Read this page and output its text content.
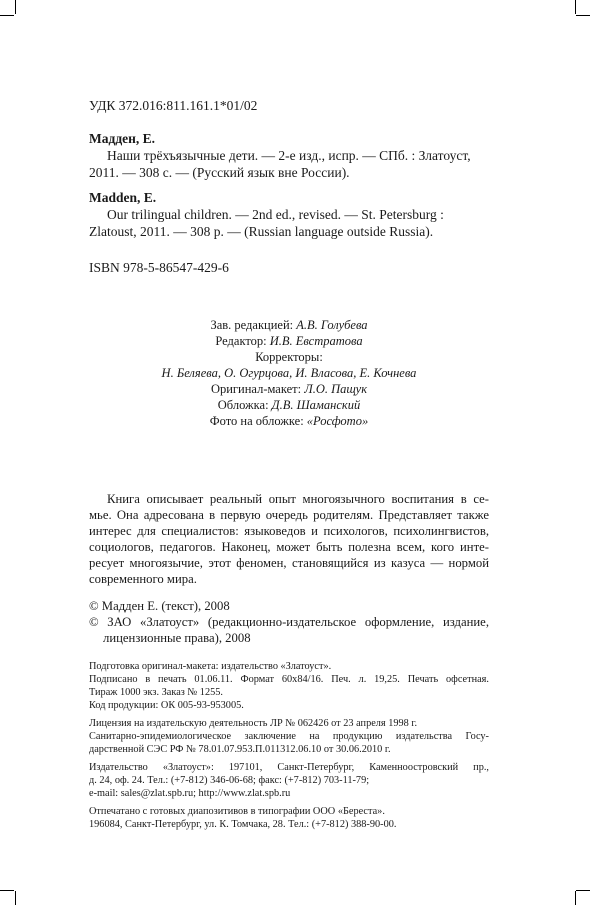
УДК 372.016:811.161.1*01/02
Мадден, Е.
Наши трёхъязычные дети. — 2-е изд., испр. — СПб. : Златоуст,
2011. — 308 с. — (Русский язык вне России).
Madden, E.
Our trilingual children. — 2nd ed., revised. — St. Petersburg :
Zlatoust, 2011. — 308 p. — (Russian language outside Russia).
ISBN 978-5-86547-429-6
Зав. редакцией: А.В. Голубева
Редактор: И.В. Евстратова
Корректоры:
Н. Беляева, О. Огурцова, И. Власова, Е. Кочнева
Оригинал-макет: Л.О. Пащук
Обложка: Д.В. Шаманский
Фото на обложке: «Росфото»
Книга описывает реальный опыт многоязычного воспитания в се-
мье. Она адресована в первую очередь родителям. Представляет также
интерес для специалистов: языковедов и психологов, психолингвистов,
социологов, педагогов. Наконец, может быть полезна всем, кого инте-
ресует многоязычие, этот феномен, становящийся из казуса — нормой
современного мира.
© Мадден Е. (текст), 2008
© ЗАО «Златоуст» (редакционно-издательское оформление, издание,
лицензионные права), 2008
Подготовка оригинал-макета: издательство «Златоуст».
Подписано в печать 01.06.11. Формат 60x84/16. Печ. л. 19,25. Печать офсетная.
Тираж 1000 экз. Заказ № 1255.
Код продукции: ОК 005-93-953005.
Лицензия на издательскую деятельность ЛР № 062426 от 23 апреля 1998 г.
Санитарно-эпидемиологическое заключение на продукцию издательства Госу-
дарственной СЭС РФ № 78.01.07.953.П.011312.06.10 от 30.06.2010 г.
Издательство «Златоуст»: 197101, Санкт-Петербург, Каменноостровский пр.,
д. 24, оф. 24. Тел.: (+7-812) 346-06-68; факс: (+7-812) 703-11-79;
e-mail: sales@zlat.spb.ru; http://www.zlat.spb.ru
Отпечатано с готовых диапозитивов в типографии ООО «Береста».
196084, Санкт-Петербург, ул. К. Томчака, 28. Тел.: (+7-812) 388-90-00.
